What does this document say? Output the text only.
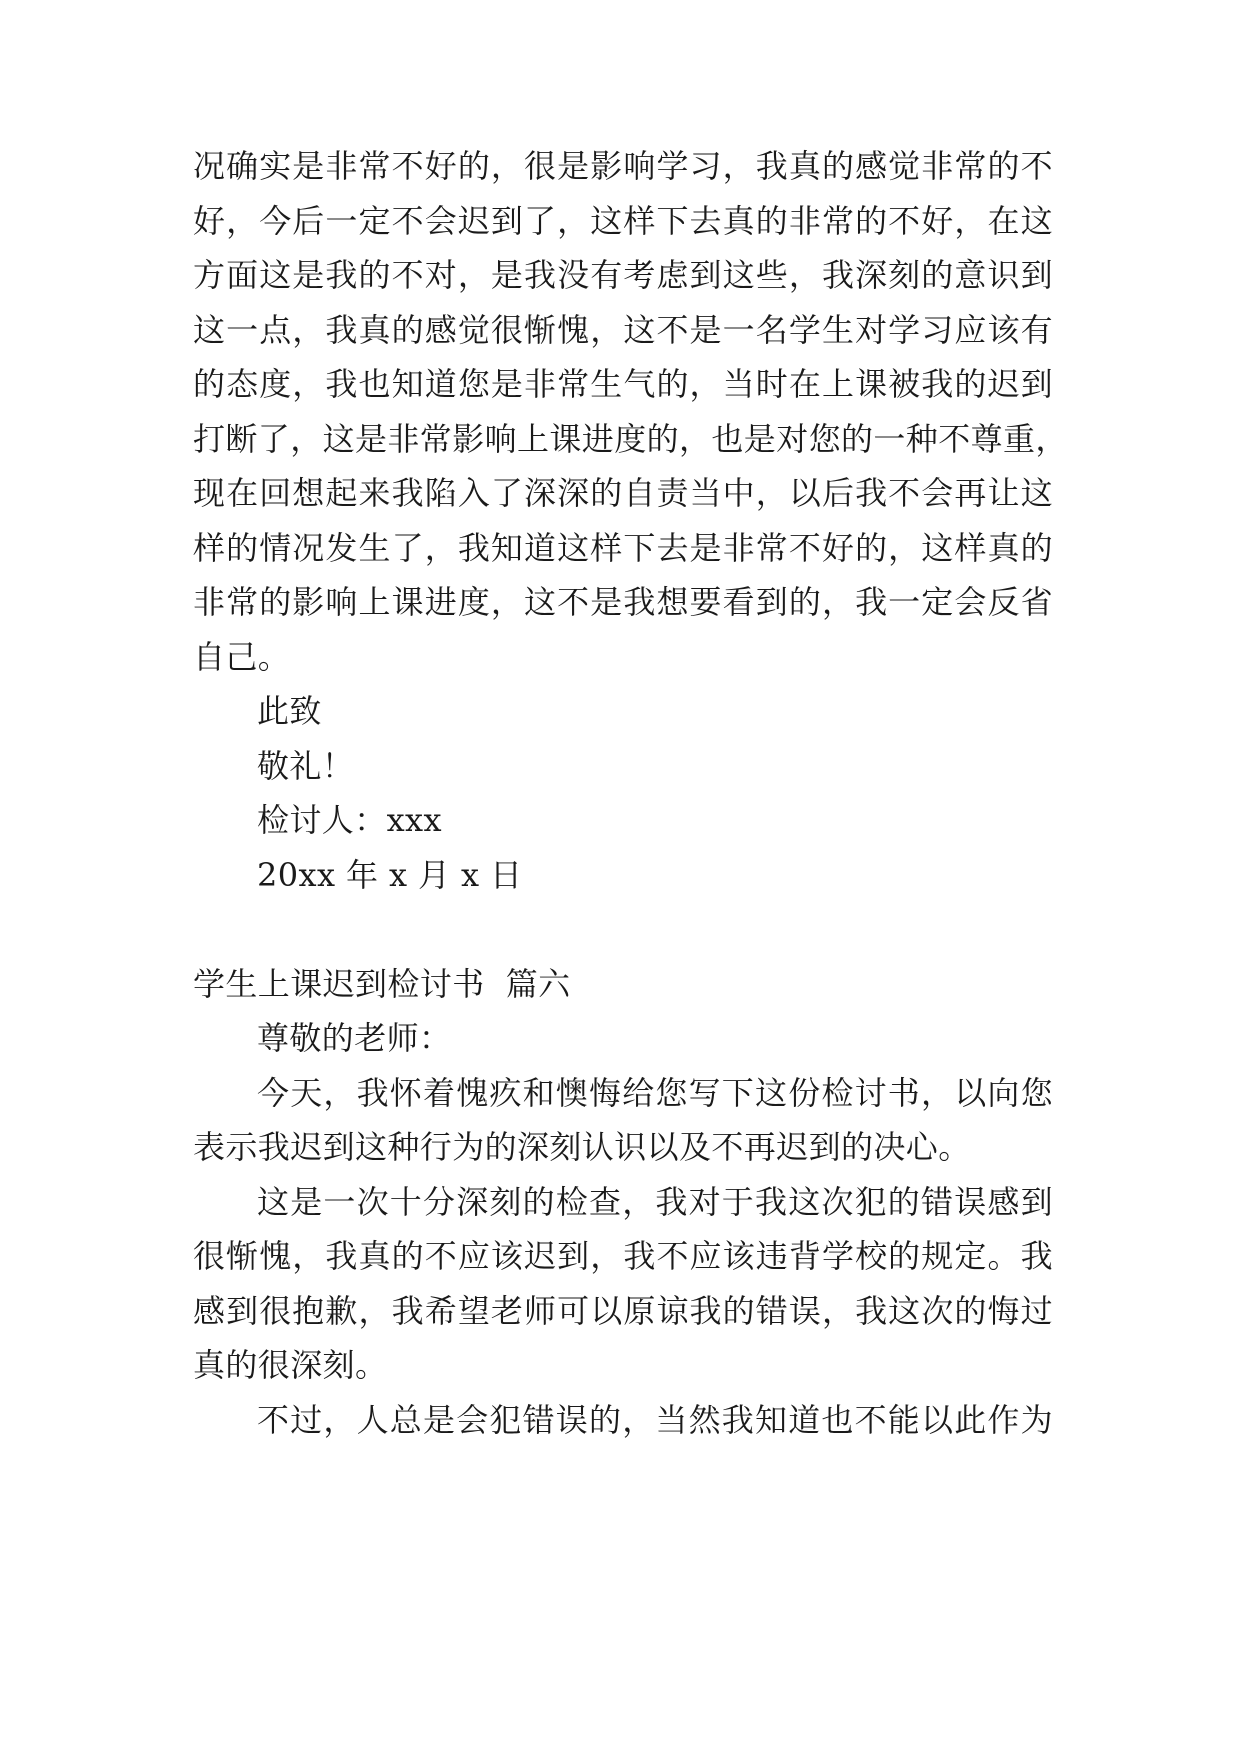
况确实是非常不好的，很是影响学习，我真的感觉非常的不
好，今后一定不会迟到了，这样下去真的非常的不好，在这
方面这是我的不对，是我没有考虑到这些，我深刻的意识到
这一点，我真的感觉很惭愧，这不是一名学生对学习应该有
的态度，我也知道您是非常生气的，当时在上课被我的迟到
打断了，这是非常影响上课进度的，也是对您的一种不尊重，
现在回想起来我陷入了深深的自责当中，以后我不会再让这
样的情况发生了，我知道这样下去是非常不好的，这样真的
非常的影响上课进度，这不是我想要看到的，我一定会反省
自己。
此致
敬礼！
检讨人：xxx
20xx 年 x 月 x 日
学生上课迟到检讨书  篇六
尊敬的老师：
今天，我怀着愧疚和懊悔给您写下这份检讨书，以向您
表示我迟到这种行为的深刻认识以及不再迟到的决心。
这是一次十分深刻的检查，我对于我这次犯的错误感到
很惭愧，我真的不应该迟到，我不应该违背学校的规定。我
感到很抱歉，我希望老师可以原谅我的错误，我这次的悔过
真的很深刻。
不过，人总是会犯错误的，当然我知道也不能以此作为
